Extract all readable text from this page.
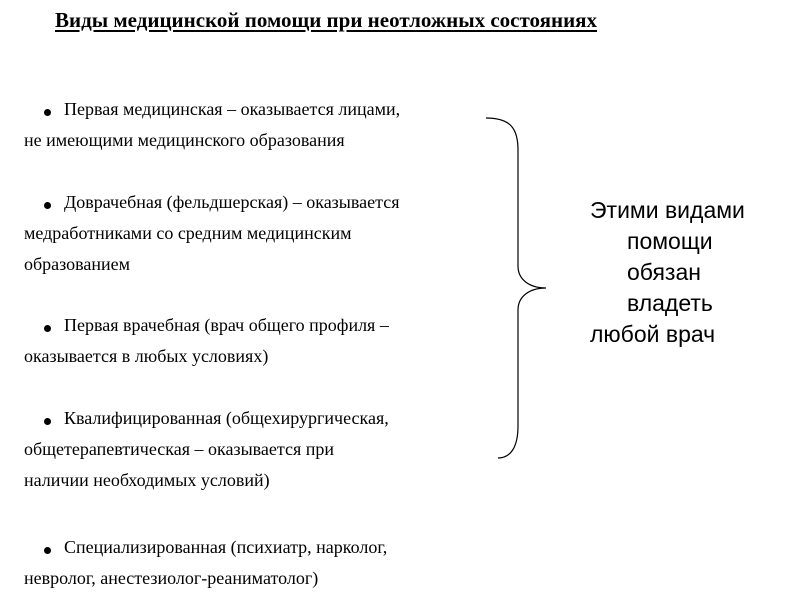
Виды медицинской помощи при неотложных состояниях
Первая медицинская – оказывается лицами,
не имеющими медицинского образования
Доврачебная (фельдшерская) – оказывается
медработниками со средним медицинским
образованием
Первая врачебная (врач общего профиля –
оказывается в любых условиях)
Квалифицированная (общехирургическая,
общетерапевтическая – оказывается при
наличии необходимых условий)
Специализированная (психиатр, нарколог,
невролог, анестезиолог-реаниматолог)
Этими видами
помощи
обязан
владеть
любой врач
